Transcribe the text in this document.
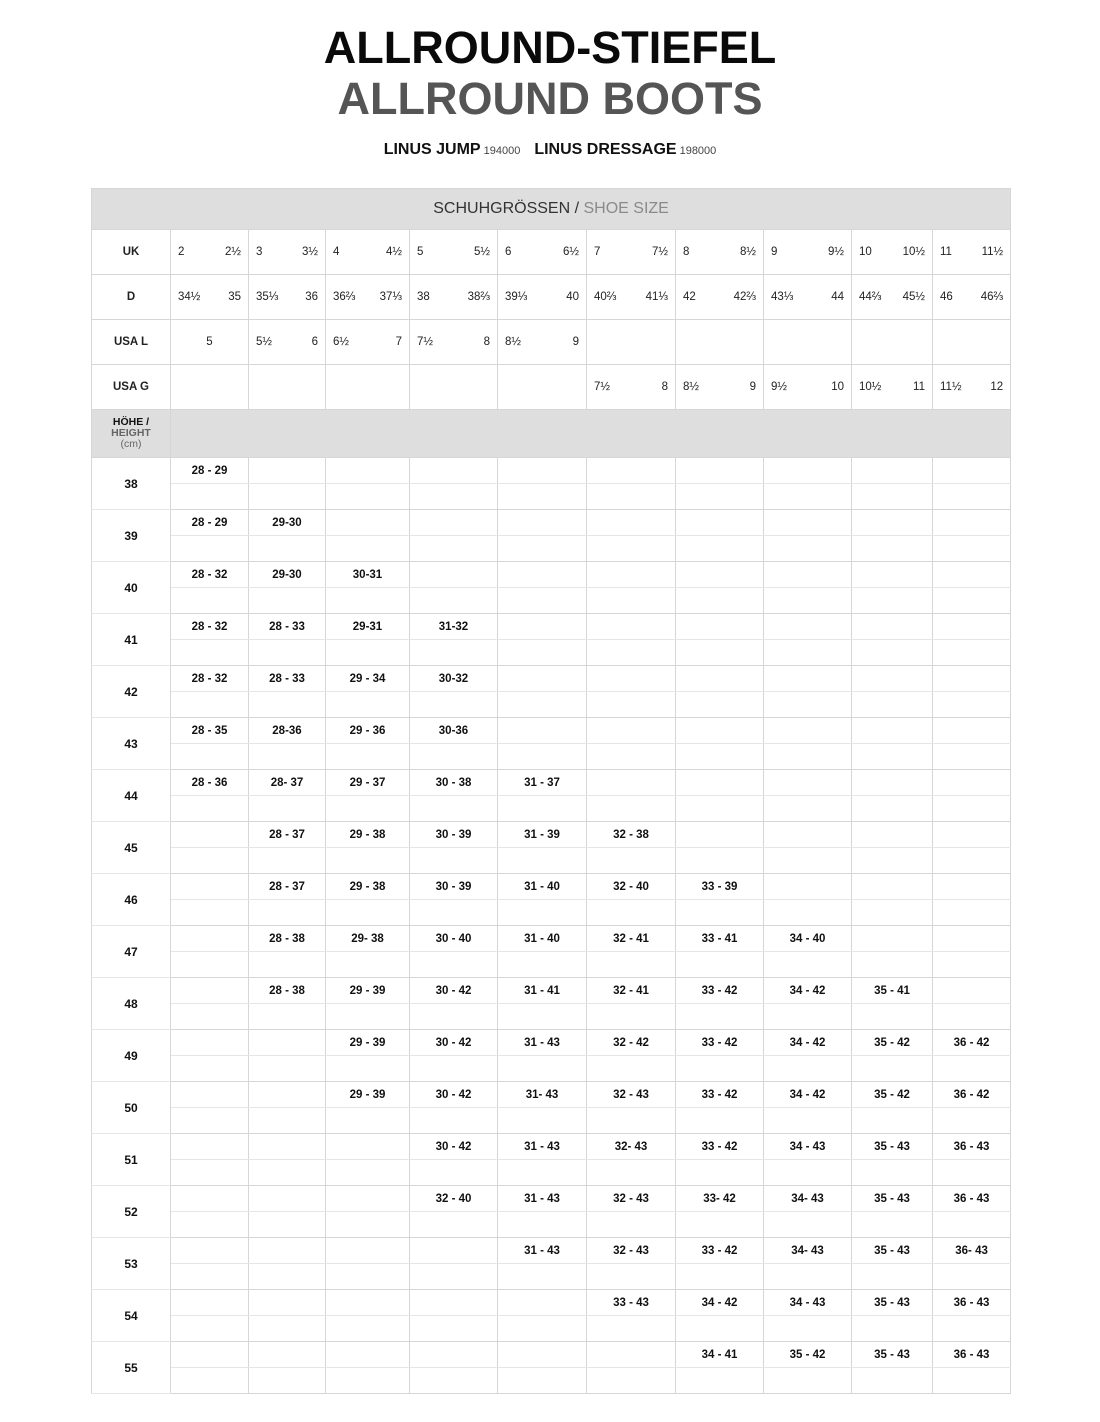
ALLROUND-STIEFEL
ALLROUND BOOTS
LINUS JUMP 194000 LINUS DRESSAGE 198000
SCHUHGRÖSSEN / SHOE SIZE										
UK	2 2½	3 3½	4 4½	5 5½	6 6½	7 7½	8 8½	9 9½	10 10½	11 11½

D	34½ 35	35⅓ 36	36⅔ 37⅓	38 38⅔	39⅓ 40	40⅔ 41⅓	42 42⅔	43⅓ 44	44⅔ 45½	46 46⅔

USA L	5	5½ 6	6½ 7	7½ 8	8½ 9					

USA G						7½ 8	8½ 9	9½ 10	10½ 11	11½ 12

HÖHE /
HEIGHT
(cm)										

38	28 - 29									

39	28 - 29	29-30								

40	28 - 32	29-30	30-31							

41	28 - 32	28 - 33	29-31	31-32						

42	28 - 32	28 - 33	29 - 34	30-32						

43	28 - 35	28-36	29 - 36	30-36						

44	28 - 36	28- 37	29 - 37	30 - 38	31 - 37					

45		28 - 37	29 - 38	30 - 39	31 - 39	32 - 38				

46		28 - 37	29 - 38	30 - 39	31 - 40	32 - 40	33 - 39			

47		28 - 38	29- 38	30 - 40	31 - 40	32 - 41	33 - 41	34 - 40		

48		28 - 38	29 - 39	30 - 42	31 - 41	32 - 41	33 - 42	34 - 42	35 - 41	

49			29 - 39	30 - 42	31 - 43	32 - 42	33 - 42	34 - 42	35 - 42	36 - 42

50			29 - 39	30 - 42	31- 43	32 - 43	33 - 42	34 - 42	35 - 42	36 - 42

51				30 - 42	31 - 43	32- 43	33 - 42	34 - 43	35 - 43	36 - 43

52				32 - 40	31 - 43	32 - 43	33- 42	34- 43	35 - 43	36 - 43

53					31 - 43	32 - 43	33 - 42	34- 43	35 - 43	36- 43

54						33 - 43	34 - 42	34 - 43	35 - 43	36 - 43

55							34 - 41	35 - 42	35 - 43	36 - 43
